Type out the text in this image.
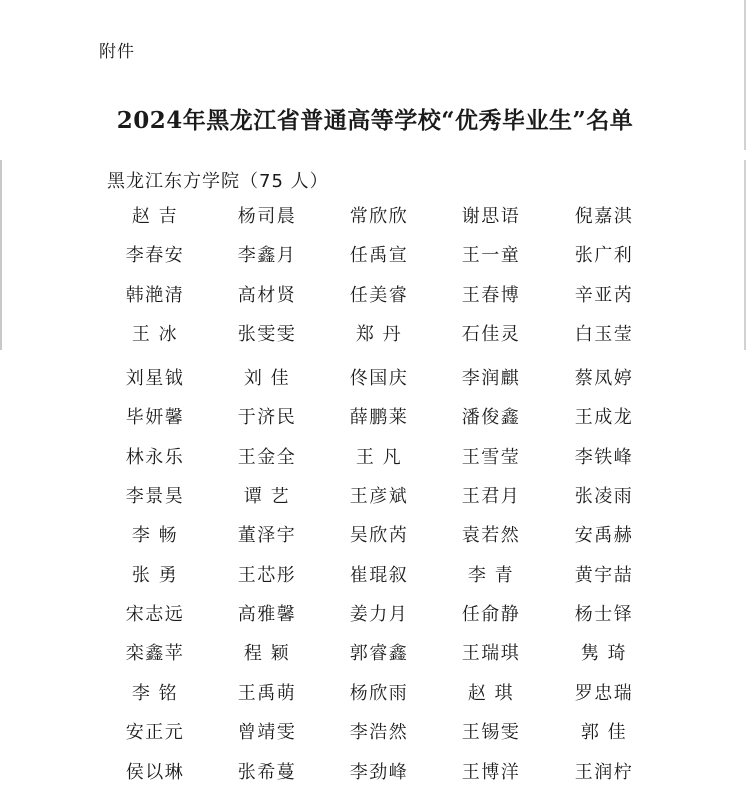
附件
2024年黑龙江省普通高等学校“优秀毕业生”名单
黑龙江东方学院（75 人）
赵 吉	杨司晨	常欣欣	谢思语	倪嘉淇
李春安	李鑫月	任禹宣	王一童	张广利
韩滟清	高材贤	任美睿	王春博	辛亚芮
王 冰	张雯雯	郑 丹	石佳灵	白玉莹
刘星钺	刘 佳	佟国庆	李润麒	蔡凤婷
毕妍馨	于济民	薛鹏莱	潘俊鑫	王成龙
林永乐	王金全	王 凡	王雪莹	李铁峰
李景昊	谭 艺	王彦斌	王君月	张凌雨
李 畅	董泽宇	吴欣芮	袁若然	安禹赫
张 勇	王芯彤	崔琨叙	李 青	黄宇喆
宋志远	高雅馨	姜力月	任俞静	杨士铎
栾鑫苹	程 颖	郭睿鑫	王瑞琪	隽 琦
李 铭	王禹萌	杨欣雨	赵 琪	罗忠瑞
安正元	曾靖雯	李浩然	王锡雯	郭 佳
侯以琳	张希蔓	李劲峰	王博洋	王润柠
